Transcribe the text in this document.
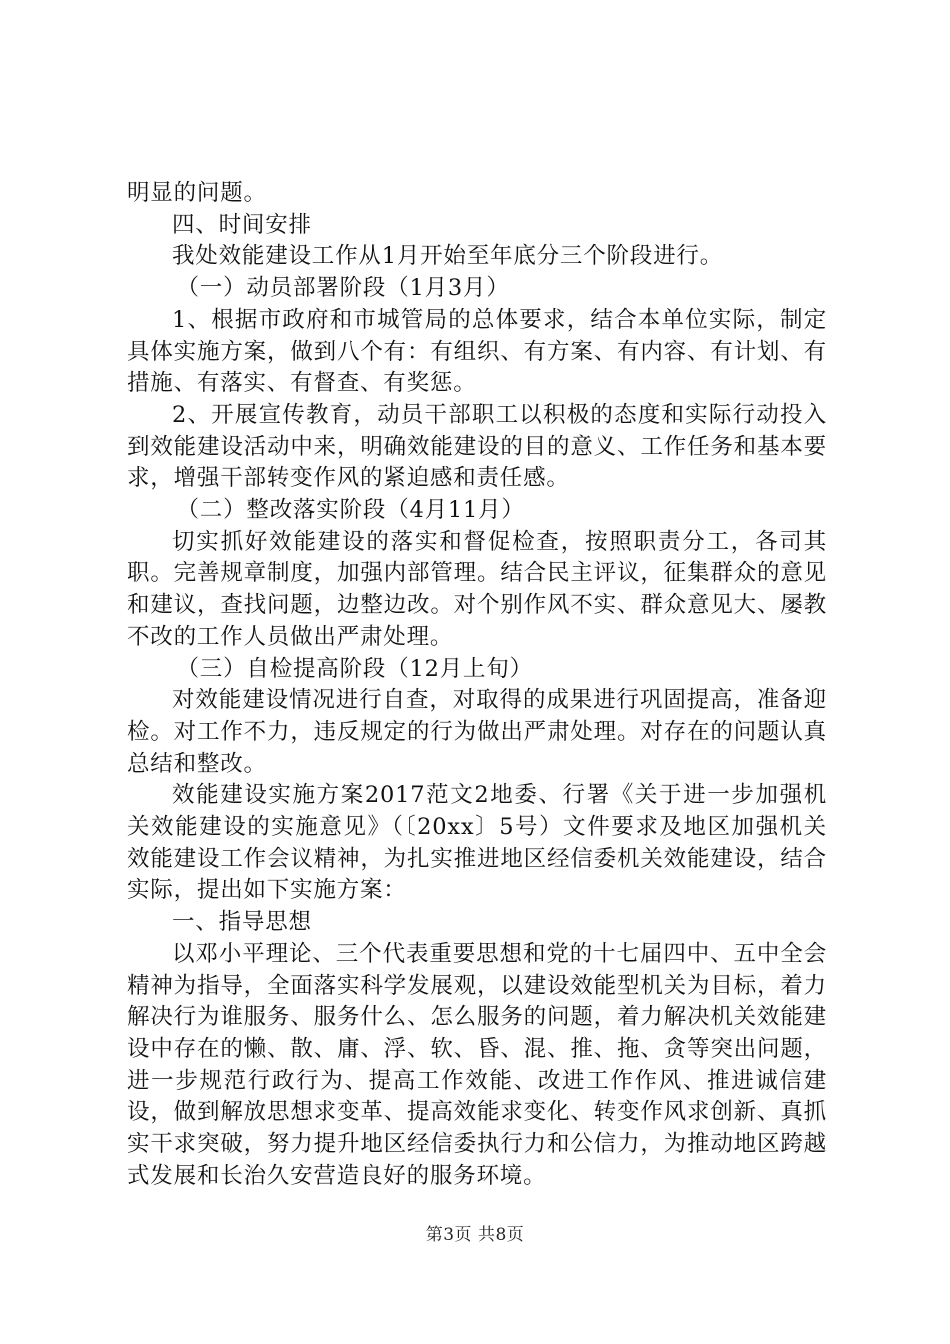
明显的问题。

四、时间安排

我处效能建设工作从1月开始至年底分三个阶段进行。

（一）动员部署阶段（1月3月）

1、根据市政府和市城管局的总体要求，结合本单位实际，制定具体实施方案，做到八个有：有组织、有方案、有内容、有计划、有措施、有落实、有督查、有奖惩。

2、开展宣传教育，动员干部职工以积极的态度和实际行动投入到效能建设活动中来，明确效能建设的目的意义、工作任务和基本要求，增强干部转变作风的紧迫感和责任感。

（二）整改落实阶段（4月11月）

切实抓好效能建设的落实和督促检查，按照职责分工，各司其职。完善规章制度，加强内部管理。结合民主评议，征集群众的意见和建议，查找问题，边整边改。对个别作风不实、群众意见大、屡教不改的工作人员做出严肃处理。

（三）自检提高阶段（12月上旬）

对效能建设情况进行自查，对取得的成果进行巩固提高，准备迎检。对工作不力，违反规定的行为做出严肃处理。对存在的问题认真总结和整改。

效能建设实施方案2017范文2地委、行署《关于进一步加强机关效能建设的实施意见》（〔20xx〕5号）文件要求及地区加强机关效能建设工作会议精神，为扎实推进地区经信委机关效能建设，结合实际，提出如下实施方案：

一、指导思想

以邓小平理论、三个代表重要思想和党的十七届四中、五中全会精神为指导，全面落实科学发展观，以建设效能型机关为目标，着力解决行为谁服务、服务什么、怎么服务的问题，着力解决机关效能建设中存在的懒、散、庸、浮、软、昏、混、推、拖、贪等突出问题，进一步规范行政行为、提高工作效能、改进工作作风、推进诚信建设，做到解放思想求变革、提高效能求变化、转变作风求创新、真抓实干求突破，努力提升地区经信委执行力和公信力，为推动地区跨越式发展和长治久安营造良好的服务环境。

第3页 共8页
